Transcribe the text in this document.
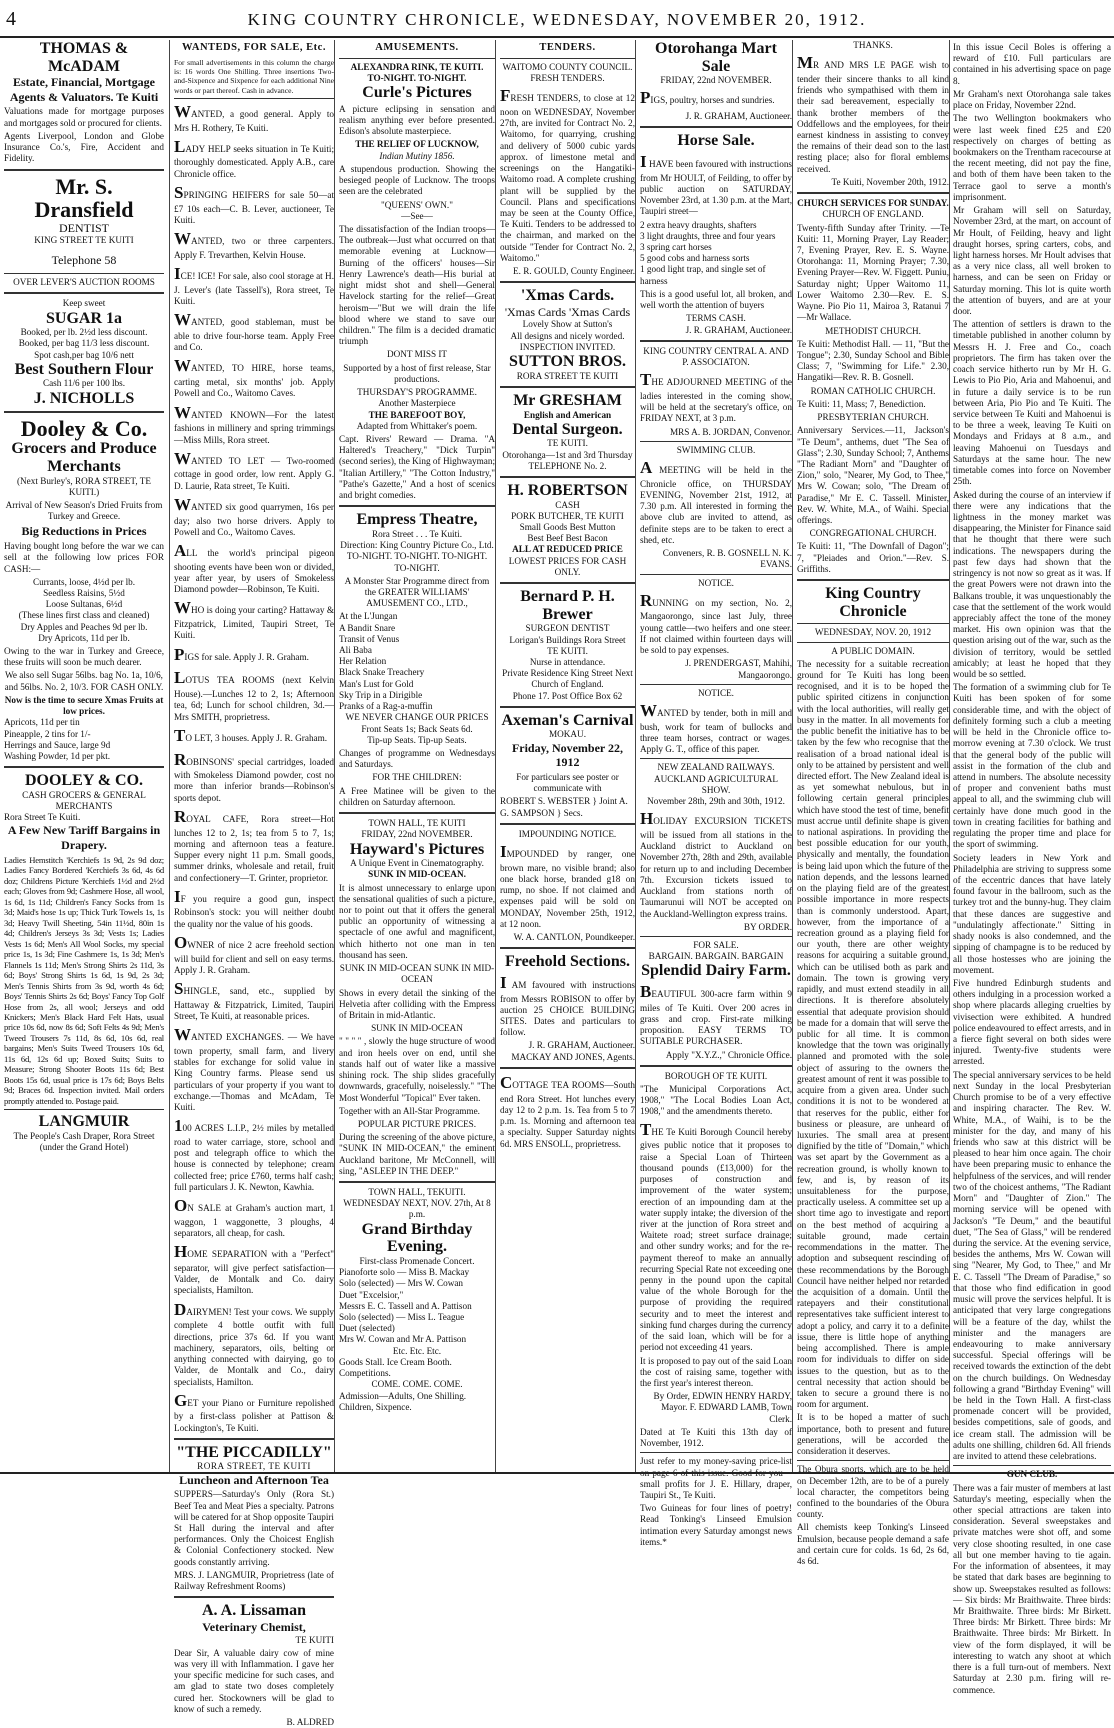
4	KING COUNTRY CHRONICLE, WEDNESDAY, NOVEMBER 20, 1912.
THOMAS & McADAM
Estate, Financial, Mortgage Agents & Valuators. Te Kuiti

Valuations made for mortgage purposes and mortgages sold or procured for clients.

Agents Liverpool, London and Globe Insurance Co.'s, Fire, Accident and Fidelity.

Mr. S. Dransfield
DENTIST
KING STREET TE KUITI
Telephone 58
OVER LEVER'S AUCTION ROOMS
Keep sweet
SUGAR 1a
Booked, per lb. 2½d less discount.
Booked, per bag 11/3 less discount.
Spot cash,per bag 10/6 nett
Best Southern Flour
Cash 11/6 per 100 lbs.
J. NICHOLLS
Dooley & Co.
Grocers and Produce Merchants
(Next Burley's, RORA STREET, TE KUITI.)

Arrival of New Season's Dried Fruits from Turkey and Greece.

Big Reductions in Prices

Having bought long before the war we can sell at the following low prices FOR CASH:—

Currants, loose, 4½d per lb.
Seedless Raisins, 5½d
Loose Sultanas, 6½d
(These lines first class and cleaned)
Dry Apples and Peaches 9d per lb.
Dry Apricots, 11d per lb.

Owing to the war in Turkey and Greece, these fruits will soon be much dearer.

We also sell Sugar 56lbs. bag No. 1a, 10/6, and 56lbs. No. 2, 10/3. FOR CASH ONLY.

Now is the time to secure Xmas Fruits at low prices.
Apricots, 11d per tin
Pineapple, 2 tins for 1/-
Herrings and Sauce, large 9d
Washing Powder, 1d per pkt.
DOOLEY & CO.
CASH GROCERS & GENERAL MERCHANTS
Rora Street Te Kuiti.
A Few New Tariff Bargains in Drapery.

Ladies Hemstitch 'Kerchiefs 1s 9d, 2s 9d doz; Ladies Fancy Bordered 'Kerchiefs 3s 6d, 4s 6d doz; Childrens Picture 'Kerchiefs 1½d and 2½d each; Gloves from 9d; Cashmere Hose, all wool, 1s 6d, 1s 11d; Children's Fancy Socks from 1s 3d; Maid's hose 1s up; Thick Turk Towels 1s, 1s 3d; Heavy Twill Sheeting, 54in 11½d, 80in 1s 4d; Children's Jerseys 3s 3d; Vests 1s; Ladies Vests 1s 6d; Men's All Wool Socks, my special price 1s, 1s 3d; Fine Cashmere 1s, 1s 3d; Men's Flannels 1s 11d; Men's Strong Shirts 2s 11d, 3s 6d; Boys' Strong Shirts 1s 6d, 1s 9d, 2s 3d; Men's Tennis Shirts from 3s 9d, worth 4s 6d; Boys' Tennis Shirts 2s 6d; Boys' Fancy Top Golf Hose from 2s, all wool; Jerseys and odd Knickers; Men's Black Hard Felt Hats, usual price 10s 6d, now 8s 6d; Soft Felts 4s 9d; Men's Tweed Trousers 7s 11d, 8s 6d, 10s 6d, real bargains; Men's Suits Tweed Trousers 10s 6d, 11s 6d, 12s 6d up; Boxed Suits; Suits to Measure; Strong Shooter Boots 11s 6d; Best Boots 15s 6d, usual price is 17s 6d; Boys Belts 9d; Braces 6d. Inspection invited. Mail orders promptly attended to. Postage paid.

LANGMUIR
The People's Cash Draper, Rora Street (under the Grand Hotel)
WANTEDS, FOR SALE, Etc.

For small advertisements in this column the charge is: 16 words One Shilling. Three insertions Two-and-Sixpence and Sixpence for each additional Nine words or part thereof. Cash in advance.

WANTED, a good general. Apply to Mrs H. Rothery, Te Kuiti.

LADY HELP seeks situation in Te Kuiti; thoroughly domesticated. Apply A.B., care Chronicle office.

SPRINGING HEIFERS for sale 50—at £7 10s each—C. B. Lever, auctioneer, Te Kuiti.

WANTED, two or three carpenters. Apply F. Trevarthen, Kelvin House.

ICE! ICE! For sale, also cool storage at H. J. Lever's (late Tassell's), Rora street, Te Kuiti.

WANTED, good stableman, must be able to drive four-horse team. Apply Free and Co.

WANTED, TO HIRE, horse teams, carting metal, six months' job. Apply Powell and Co., Waitomo Caves.

WANTED KNOWN—For the latest fashions in millinery and spring trimmings—Miss Mills, Rora street.

WANTED TO LET — Two-roomed cottage in good order, low rent. Apply G. D. Laurie, Rata street, Te Kuiti.

WANTED six good quarrymen, 16s per day; also two horse drivers. Apply to Powell and Co., Waitomo Caves.

ALL the world's principal pigeon shooting events have been won or divided, year after year, by users of Smokeless Diamond powder—Robinson, Te Kuiti.

WHO is doing your carting? Hattaway & Fitzpatrick, Limited, Taupiri Street, Te Kuiti.

PIGS for sale. Apply J. R. Graham.

LOTUS TEA ROOMS (next Kelvin House).—Lunches 12 to 2, 1s; Afternoon tea, 6d; Lunch for school children, 3d.—Mrs SMITH, proprietress.

TO LET, 3 houses. Apply J. R. Graham.

ROBINSONS' special cartridges, loaded with Smokeless Diamond powder, cost no more than inferior brands—Robinson's sports depot.

ROYAL CAFE, Rora street—Hot lunches 12 to 2, 1s; tea from 5 to 7, 1s; morning and afternoon teas a feature. Supper every night 11 p.m. Small goods, summer drinks, wholesale and retail, fruit and confectionery—T. Grinter, proprietor.

IF you require a good gun, inspect Robinson's stock: you will neither doubt the quality nor the value of his goods.

OWNER of nice 2 acre freehold section will build for client and sell on easy terms. Apply J. R. Graham.

SHINGLE, sand, etc., supplied by Hattaway & Fitzpatrick, Limited, Taupiri Street, Te Kuiti, at reasonable prices.

WANTED EXCHANGES. — We have town property, small farm, and livery stables for exchange for solid value in King Country farms. Please send us particulars of your property if you want to exchange.—Thomas and McAdam, Te Kuiti.

100 ACRES L.I.P., 2½ miles by metalled road to water carriage, store, school and post and telegraph office to which the house is connected by telephone; cream collected free; price £760, terms half cash; full particulars J. K. Newton, Kawhia.

ON SALE at Graham's auction mart, 1 waggon, 1 waggonette, 3 ploughs, 4 separators, all cheap, for cash.

HOME SEPARATION with a "Perfect" separator, will give perfect satisfaction—Valder, de Montalk and Co. dairy specialists, Hamilton.

DAIRYMEN! Test your cows. We supply complete 4 bottle outfit with full directions, price 37s 6d. If you want machinery, separators, oils, belting or anything connected with dairying, go to Valder, de Montalk and Co., dairy specialists, Hamilton.

GET your Piano or Furniture repolished by a first-class polisher at Pattison & Lockington's, Te Kuiti.

"THE PICCADILLY"
RORA STREET, TE KUITI
Luncheon and Afternoon Tea

SUPPERS—Saturday's Only (Rora St.) Beef Tea and Meat Pies a specialty. Patrons will be catered for at Shop opposite Taupiri St Hall during the interval and after performances. Only the Choicest English & Colonial Confectionery stocked. New goods constantly arriving.

MRS. J. LANGMUIR, Proprietress (late of Railway Refreshment Rooms)

A. A. Lissaman
Veterinary Chemist,
TE KUITI

Dear Sir, A valuable dairy cow of mine was very ill with Inflammation. I gave her your specific medicine for such cases, and am glad to state two doses completely cured her. Stockowners will be glad to know of such a remedy.

B. ALDRED
AMUSEMENTS.
ALEXANDRA RINK, TE KUITI.
TO-NIGHT. TO-NIGHT.
Curle's Pictures

A picture eclipsing in sensation and realism anything ever before presented. Edison's absolute masterpiece.

THE RELIEF OF LUCKNOW,
Indian Mutiny 1856.

A stupendous production. Showing the besieged people of Lucknow. The troops seen are the celebrated

"QUEENS' OWN."
—See—

The dissatisfaction of the Indian troops—The outbreak—Just what occurred on that memorable evening at Lucknow—Burning of the officers' houses—Sir Henry Lawrence's death—His burial at night midst shot and shell—General Havelock starting for the relief—Great heroism—"But we will drain the life blood where we stand to save our children." The film is a decided dramatic triumph

DONT MISS IT

Supported by a host of first release, Star productions.

THURSDAY'S PROGRAMME.
Another Masterpiece
THE BAREFOOT BOY,
Adapted from Whittaker's poem.

Capt. Rivers' Reward — Drama. "A Haltered's Treachery," "Dick Turpin" (second series), the King of Highwayman; "Italian Artillery," "The Cotton Industry," "Pathe's Gazette," And a host of scenics and bright comedies.

Empress Theatre,
Rora Street . . . Te Kuiti.
Direction: King Country Picture Co., Ltd.
TO-NIGHT. TO-NIGHT. TO-NIGHT. TO-NIGHT.

A Monster Star Programme direct from the GREATER WILLIAMS' AMUSEMENT CO., LTD.,

At the L'Jungan
A Bandit Snare
Transit of Venus
Ali Baba
Her Relation
Black Snake Treachery
Man's Lust for Gold
Sky Trip in a Dirigible
Pranks of a Rag-a-muffin
WE NEVER CHANGE OUR PRICES
Front Seats 1s; Back Seats 6d.
Tip-up Seats. Tip-up Seats.

Changes of programme on Wednesdays and Saturdays.

FOR THE CHILDREN:

A Free Matinee will be given to the children on Saturday afternoon.

TOWN HALL, TE KUITI
FRIDAY, 22nd NOVEMBER.
Hayward's Pictures
A Unique Event in Cinematography.
SUNK IN MID-OCEAN.

It is almost unnecessary to enlarge upon the sensational qualities of such a picture, nor to point out that it offers the general public an opportunity of witnessing a spectacle of one awful and magnificent, which hitherto not one man in ten thousand has seen.

SUNK IN MID-OCEAN SUNK IN MID-OCEAN

Shows in every detail the sinking of the Helvetia after colliding with the Empress of Britain in mid-Atlantic.

SUNK IN MID-OCEAN

" " " " , slowly the huge structure of wood and iron heels over on end, until she stands half out of water like a massive shining rock. The ship slides gracefully downwards, gracefully, noiselessly." "The Most Wonderful "Topical" Ever taken.

Together with an All-Star Programme.

POPULAR PICTURE PRICES.

During the screening of the above picture, "SUNK IN MID-OCEAN," the eminent Auckland baritone, Mr McConnell, will sing, "ASLEEP IN THE DEEP."

TOWN HALL, TEKUITI.
WEDNESDAY NEXT, NOV. 27th, At 8 p.m.
Grand Birthday Evening.
First-class Promenade Concert.
Pianoforte solo — Miss B. Mackay
Solo (selected) — Mrs W. Cowan
Duet "Excelsior,"
Messrs E. C. Tassell and A. Pattison
Solo (selected) — Miss L. Teague
Duet (selected)
Mrs W. Cowan and Mr A. Pattison
Etc. Etc. Etc.
Goods Stall. Ice Cream Booth. Competitions.
COME. COME. COME.
Admission—Adults, One Shilling. Children, Sixpence.
TENDERS.
WAITOMO COUNTY COUNCIL.
FRESH TENDERS.

FRESH TENDERS, to close at 12 noon on WEDNESDAY, November 27th, are invited for Contract No. 2, Waitomo, for quarrying, crushing and delivery of 5000 cubic yards approx. of limestone metal and screenings on the Hangatiki-Waitomo road. A complete crushing plant will be supplied by the Council. Plans and specifications may be seen at the County Office, Te Kuiti. Tenders to be addressed to the chairman, and marked on the outside "Tender for Contract No. 2, Waitomo."

E. R. GOULD, County Engineer.
'Xmas Cards.
'Xmas Cards 'Xmas Cards
Lovely Show at Sutton's
All designs and nicely worded.
INSPECTION INVITED.
SUTTON BROS.
RORA STREET TE KUITI
Mr GRESHAM
English and American
Dental Surgeon.
TE KUITI.
Otorohanga—1st and 3rd Thursday
TELEPHONE No. 2.
H. ROBERTSON
CASH
PORK BUTCHER, TE KUITI
Small Goods Best Mutton
Best Beef Best Bacon
ALL AT REDUCED PRICE
LOWEST PRICES FOR CASH ONLY.
Bernard P. H. Brewer
SURGEON DENTIST
Lorigan's Buildings Rora Street
TE KUITI.
Nurse in attendance.
Private Residence King Street Next Church of England.
Phone 17. Post Office Box 62
Axeman's Carnival
MOKAU.
Friday, November 22, 1912

For particulars see poster or communicate with

ROBERT S. WEBSTER } Joint A. G. SAMPSON } Secs.
IMPOUNDING NOTICE.

IMPOUNDED by ranger, one brown mare, no visible brand; also one black horse, branded g18 on rump, no shoe. If not claimed and expenses paid will be sold on MONDAY, November 25th, 1912, at 12 noon.

W. A. CANTLON, Poundkeeper.
Freehold Sections.

I AM favoured with instructions from Messrs ROBISON to offer by auction 25 CHOICE BUILDING SITES. Dates and particulars to follow.

J. R. GRAHAM, Auctioneer. MACKAY AND JONES, Agents.

COTTAGE TEA ROOMS—South end Rora Street. Hot lunches every day 12 to 2 p.m. 1s. Tea from 5 to 7 p.m. 1s. Morning and afternoon tea a specialty. Supper Saturday nights 6d. MRS ENSOLL, proprietress.

Otorohanga Mart Sale
FRIDAY, 22nd NOVEMBER.

PIGS, poultry, horses and sundries.

J. R. GRAHAM, Auctioneer.
Horse Sale.

I HAVE been favoured with instructions from Mr HOULT, of Feilding, to offer by public auction on SATURDAY, November 23rd, at 1.30 p.m. at the Mart, Taupiri street—

2 extra heavy draughts, shafters
3 light draughts, three and four years
3 spring cart horses
5 good cobs and harness sorts
1 good light trap, and single set of harness

This is a good useful lot, all broken, and well worth the attention of buyers

TERMS CASH.
J. R. GRAHAM, Auctioneer.
KING COUNTRY CENTRAL A. AND P. ASSOCIATON.

THE ADJOURNED MEETING of the ladies interested in the coming show, will be held at the secretary's office, on FRIDAY NEXT, at 3 p.m.

MRS A. B. JORDAN, Convenor.
SWIMMING CLUB.

A MEETING will be held in the Chronicle office, on THURSDAY EVENING, November 21st, 1912, at 7.30 p.m. All interested in forming the above club are invited to attend, as definite steps are to be taken to erect a shed, etc.

Conveners, R. B. GOSNELL N. K. EVANS.
NOTICE.

RUNNING on my section, No. 2, Mangaorongo, since last July, three young cattle—two heifers and one steer. If not claimed within fourteen days will be sold to pay expenses.

J. PRENDERGAST, Mahihi, Mangaorongo.
NOTICE.

WANTED by tender, both in mill and bush, work for team of bullocks and three team horses, contract or wages. Apply G. T., office of this paper.

NEW ZEALAND RAILWAYS.
AUCKLAND AGRICULTURAL SHOW.
November 28th, 29th and 30th, 1912.

HOLIDAY EXCURSION TICKETS will be issued from all stations in the Auckland district to Auckland on November 27th, 28th and 29th, available for return up to and including December 7th. Excursion tickets issued to Auckland from stations north of Taumarunui will NOT be accepted on the Auckland-Wellington express trains.

BY ORDER.
FOR SALE.
BARGAIN. BARGAIN. BARGAIN
Splendid Dairy Farm.

BEAUTIFUL 300-acre farm within 9 miles of Te Kuiti. Over 200 acres in grass and crop. First-rate milking proposition. EASY TERMS TO SUITABLE PURCHASER.

Apply "X.Y.Z.," Chronicle Office.
BOROUGH OF TE KUITI.

"The Municipal Corporations Act, 1908," "The Local Bodies Loan Act, 1908," and the amendments thereto.

THE Te Kuiti Borough Council hereby gives public notice that it proposes to raise a Special Loan of Thirteen thousand pounds (£13,000) for the purposes of construction and improvement of the water system; erection of an impounding dam at the water supply intake; the diversion of the river at the junction of Rora street and Waitete road; street surface drainage; and other sundry works; and for the re-payment thereof to make an annually recurring Special Rate not exceeding one penny in the pound upon the capital value of the whole Borough for the purpose of providing the required security and to meet the interest and sinking fund charges during the currency of the said loan, which will be for a period not exceeding 41 years.

It is proposed to pay out of the said Loan the cost of raising same, together with the first year's interest thereon.

By Order, EDWIN HENRY HARDY, Mayor. F. EDWARD LAMB, Town Clerk.

Dated at Te Kuiti this 13th day of November, 1912.

Just refer to my money-saving price-list on page 6 of this issue. Good for you—small profits for J. E. Hillary, draper, Taupiri St., Te Kuiti.

Two Guineas for four lines of poetry! Read Tonking's Linseed Emulsion intimation every Saturday amongst news items.*

THANKS.

MR AND MRS LE PAGE wish to tender their sincere thanks to all kind friends who sympathised with them in their sad bereavement, especially to thank brother members of the Oddfellows and the employees, for their earnest kindness in assisting to convey the remains of their dead son to the last resting place; also for floral emblems received.

Te Kuiti, November 20th, 1912.
CHURCH SERVICES FOR SUNDAY.
CHURCH OF ENGLAND.

Twenty-fifth Sunday after Trinity. —Te Kuiti: 11, Morning Prayer, Lay Reader; 7, Evening Prayer, Rev. E. S. Wayne. Otorohanga: 11, Morning Prayer; 7.30, Evening Prayer—Rev. W. Figgett. Puniu, Saturday night; Upper Waitomo 11, Lower Waitomo 2.30—Rev. E. S. Wayne. Pio Pio 11, Mairoa 3, Ratanui 7—Mr Wallace.

METHODIST CHURCH.

Te Kuiti: Methodist Hall. — 11, "But the Tongue"; 2.30, Sunday School and Bible Class; 7, "Swimming for Life." 2.30, Hangatiki—Rev. R. B. Gosnell.

ROMAN CATHOLIC CHURCH.

Te Kuiti: 11, Mass; 7, Benediction.

PRESBYTERIAN CHURCH.

Anniversary Services.—11, Jackson's "Te Deum", anthems, duet "The Sea of Glass"; 2.30, Sunday School; 7, Anthems "The Radiant Morn" and "Daughter of Zion," solo, "Nearer, My God, to Thee," Mrs W. Cowan; solo, "The Dream of Paradise," Mr E. C. Tassell. Minister, Rev. W. White, M.A., of Waihi. Special offerings.

CONGREGATIONAL CHURCH.

Te Kuiti: 11, "The Downfall of Dagon"; 7, "Pleiades and Orion."—Rev. S. Griffiths.

King Country Chronicle
WEDNESDAY, NOV. 20, 1912
A PUBLIC DOMAIN.

The necessity for a suitable recreation ground for Te Kuiti has long been recognised, and it is to be hoped the public spirited citizens in conjunction with the local authorities, will really get busy in the matter. In all movements for the public benefit the initiative has to be taken by the few who recognise that the realisation of a broad national ideal is only to be attained by persistent and well directed effort. The New Zealand ideal is as yet somewhat nebulous, but in following certain general principles which have stood the test of time, benefit must accrue until definite shape is given to national aspirations. In providing the best possible education for our youth, physically and mentally, the foundation is being laid upon which the future of the nation depends, and the lessons learned on the playing field are of the greatest possible importance in more respects than is commonly understood. Apart, however, from the importance of a recreation ground as a playing field for our youth, there are other weighty reasons for acquiring a suitable ground, which can be utilised both as park and domain. The town is growing very rapidly, and must extend steadily in all directions. It is therefore absolutely essential that adequate provision should be made for a domain that will serve the public for all time. It is common knowledge that the town was originally planned and promoted with the sole object of assuring to the owners the greatest amount of rent it was possible to acquire from a given area. Under such conditions it is not to be wondered at that reserves for the public, either for business or pleasure, are unheard of luxuries. The small area at present dignified by the title of "Domain," which was set apart by the Government as a recreation ground, is wholly known to few, and is, by reason of its unsuitableness for the purpose, practically useless. A committee set up a short time ago to investigate and report on the best method of acquiring a suitable ground, made certain recommendations in the matter. The adoption and subsequent rescinding of these recommendations by the Borough Council have neither helped nor retarded the acquisition of a domain. Until the ratepayers and their constitutional representatives take sufficient interest to adopt a policy, and carry it to a definite issue, there is little hope of anything being accomplished. There is ample room for individuals to differ on side issues to the question, but as to the central necessity that action should be taken to secure a ground there is no room for argument.

It is to be hoped a matter of such importance, both to present and future generations, will be accorded the consideration it deserves.

The Obura sports, which are to be held on December 12th, are to be of a purely local character, the competitors being confined to the boundaries of the Obura county.

All chemists keep Tonking's Linseed Emulsion, because people demand a safe and certain cure for colds. 1s 6d, 2s 6d, 4s 6d.

In this issue Cecil Boles is offering a reward of £10. Full particulars are contained in his advertising space on page 8.

Mr Graham's next Otorohanga sale takes place on Friday, November 22nd.

The two Wellington bookmakers who were last week fined £25 and £20 respectively on charges of betting as bookmakers on the Trentham racecourse at the recent meeting, did not pay the fine, and both of them have been taken to the Terrace gaol to serve a month's imprisonment.

Mr Graham will sell on Saturday, November 23rd, at the mart, on account of Mr Hoult, of Feilding, heavy and light draught horses, spring carters, cobs, and light harness horses. Mr Hoult advises that as a very nice class, all well broken to harness, and can be seen on Friday or Saturday morning. This lot is quite worth the attention of buyers, and are at your door.

The attention of settlers is drawn to the timetable published in another column by Messrs H. J. Free and Co., coach proprietors. The firm has taken over the coach service hitherto run by Mr H. G. Lewis to Pio Pio, Aria and Mahoenui, and in future a daily service is to be run between Aria, Pio Pio and Te Kuiti. The service between Te Kuiti and Mahoenui is to be three a week, leaving Te Kuiti on Mondays and Fridays at 8 a.m., and leaving Mahoenui on Tuesdays and Saturdays at the same hour. The new timetable comes into force on November 25th.

Asked during the course of an interview if there were any indications that the lightness in the money market was disappearing, the Minister for Finance said that he thought that there were such indications. The newspapers during the past few days had shown that the stringency is not now so great as it was. If the great Powers were not drawn into the Balkans trouble, it was unquestionably the case that the settlement of the work would appreciably affect the tone of the money market. His own opinion was that the question arising out of the war, such as the division of territory, would be settled amicably; at least he hoped that they would be so settled.

The formation of a swimming club for Te Kuiti has been spoken of for some considerable time, and with the object of definitely forming such a club a meeting will be held in the Chronicle office to-morrow evening at 7.30 o'clock. We trust that the general body of the public will assist in the formation of the club and attend in numbers. The absolute necessity of proper and convenient baths must appeal to all, and the swimming club will certainly have done much good in the town in creating facilities for bathing and regulating the proper time and place for the sport of swimming.

Society leaders in New York and Philadelphia are striving to suppress some of the eccentric dances that have lately found favour in the ballroom, such as the turkey trot and the bunny-hug. They claim that these dances are suggestive and "undulatingly affectionate." Sitting in shady nooks is also condemned, and the sipping of champagne is to be reduced by all those hostesses who are joining the movement.

Five hundred Edinburgh students and others indulging in a procession worked a shop where placards alleging cruelties by vivisection were exhibited. A hundred police endeavoured to effect arrests, and in a fierce fight several on both sides were injured. Twenty-five students were arrested.

The special anniversary services to be held next Sunday in the local Presbyterian Church promise to be of a very effective and inspiring character. The Rev. W. White, M.A., of Waihi, is to be the minister for the day, and many of his friends who saw at this district will be pleased to hear him once again. The choir have been preparing music to enhance the helpfulness of the services, and will render two of the choicest anthems, "The Radiant Morn" and "Daughter of Zion." The morning service will be opened with Jackson's "Te Deum," and the beautiful duet, "The Sea of Glass," will be rendered during the service. At the evening service, besides the anthems, Mrs W. Cowan will sing "Nearer, My God, to Thee," and Mr E. C. Tassell "The Dream of Paradise," so that those who find edification in good music will prove the services helpful. It is anticipated that very large congregations will be a feature of the day, whilst the minister and the managers are endeavouring to make anniversary successful. Special offerings will be received towards the extinction of the debt on the church buildings. On Wednesday following a grand "Birthday Evening" will be held in the Town Hall. A first-class promenade concert will be provided, besides competitions, sale of goods, and ice cream stall. The admission will be adults one shilling, children 6d. All friends are invited to attend these celebrations.

GUN CLUB.

There was a fair muster of members at last Saturday's meeting, especially when the other special attractions are taken into consideration. Several sweepstakes and private matches were shot off, and some very close shooting resulted, in one case all but one member having to tie again. For the information of absentees, it may be stated that dark bases are beginning to show up. Sweepstakes resulted as follows:— Six birds: Mr Braithwaite. Three birds: Mr Braithwaite. Three birds: Mr Birkett. Three birds: Mr Birkett. Three birds: Mr Braithwaite. Three birds: Mr Birkett. In view of the form displayed, it will be interesting to watch any shoot at which there is a full turn-out of members. Next Saturday at 2.30 p.m. firing will re-commence.
